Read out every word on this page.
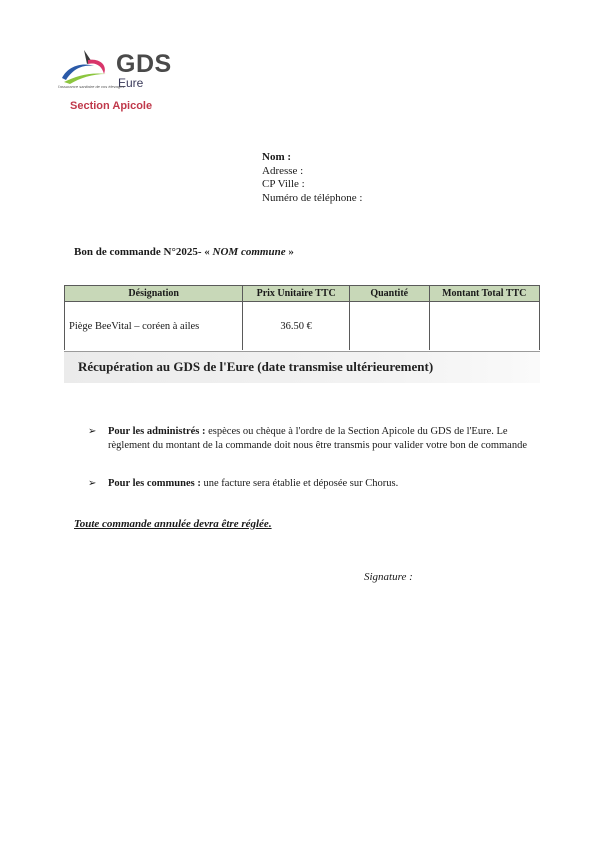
GDS
Eure
l'assurance sanitaire de vos élevages
Section Apicole
Nom :
Adresse :
CP Ville :
Numéro de téléphone :
Bon de commande N°2025- « NOM commune »
Désignation	Prix Unitaire TTC	Quantité	Montant Total TTC
Piège BeeVital – coréen à ailes	36.50 €		
Récupération au GDS de l'Eure (date transmise ultérieurement)
➢ Pour les administrés : espèces ou chèque à l'ordre de la Section Apicole du GDS de l'Eure. Le règlement du montant de la commande doit nous être transmis pour valider votre bon de commande
➢ Pour les communes : une facture sera établie et déposée sur Chorus.
Toute commande annulée devra être réglée.
Signature :
